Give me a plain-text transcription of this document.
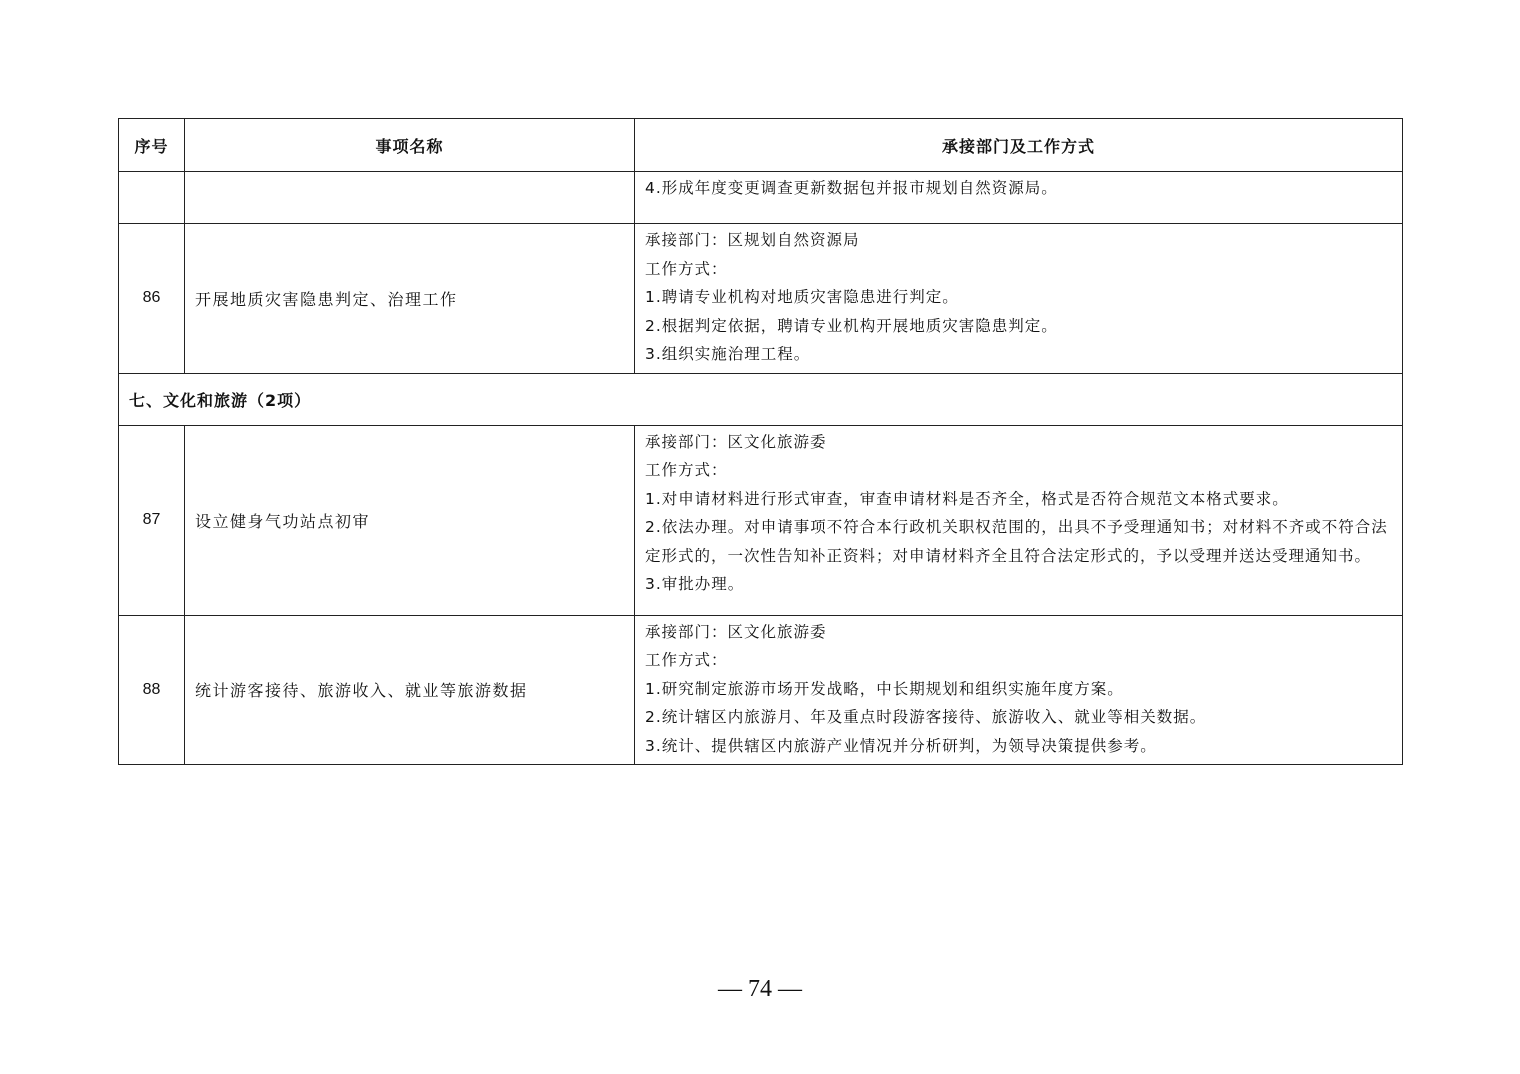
序号	事项名称	承接部门及工作方式

		4.形成年度变更调查更新数据包并报市规划自然资源局。

86	开展地质灾害隐患判定、治理工作	承接部门：区规划自然资源局
工作方式：
1.聘请专业机构对地质灾害隐患进行判定。
2.根据判定依据，聘请专业机构开展地质灾害隐患判定。
3.组织实施治理工程。

七、文化和旅游（2项）		
87	设立健身气功站点初审	承接部门：区文化旅游委
工作方式：
1.对申请材料进行形式审查，审查申请材料是否齐全，格式是否符合规范文本格式要求。
2.依法办理。对申请事项不符合本行政机关职权范围的，出具不予受理通知书；对材料不齐或不符合法定形式的，一次性告知补正资料；对申请材料齐全且符合法定形式的，予以受理并送达受理通知书。
3.审批办理。

88	统计游客接待、旅游收入、就业等旅游数据	承接部门：区文化旅游委
工作方式：
1.研究制定旅游市场开发战略，中长期规划和组织实施年度方案。
2.统计辖区内旅游月、年及重点时段游客接待、旅游收入、就业等相关数据。
3.统计、提供辖区内旅游产业情况并分析研判，为领导决策提供参考。
— 74 —
